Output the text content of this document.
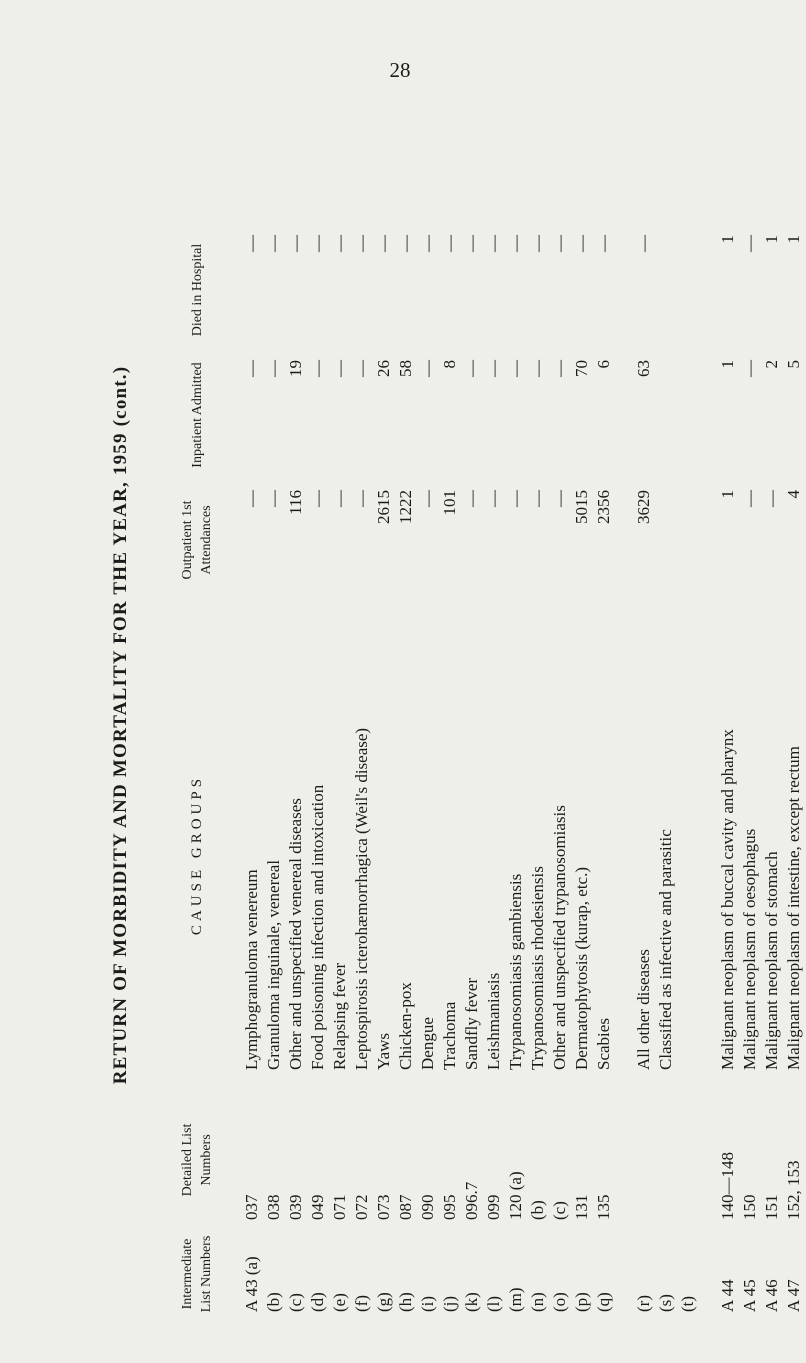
28
RETURN OF MORBIDITY AND MORTALITY FOR THE YEAR, 1959 (cont.)
Intermediate List Numbers
Detailed List Numbers
CAUSE GROUPS
Outpatient 1st Attendances
Inpatient Admitted
Died in Hospital
A 43 (a)
037
Lymphogranuloma venereum
—
—
—
(b)
038
Granuloma inguinale, venereal
—
—
—
(c)
039
Other and unspecified venereal diseases
116
19
—
(d)
049
Food poisoning infection and intoxication
—
—
—
(e)
071
Relapsing fever
—
—
—
(f)
072
Leptospirosis icterohæmorrhagica (Weil's disease)
—
—
—
(g)
073
Yaws
2615
26
—
(h)
087
Chicken-pox
1222
58
—
(i)
090
Dengue
—
—
—
(j)
095
Trachoma
101
8
—
(k)
096.7
Sandfly fever
—
—
—
(l)
099
Leishmaniasis
—
—
—
(m)
120 (a)
Trypanosomiasis gambiensis
—
—
—
(n)
(b)
Trypanosomiasis rhodesiensis
—
—
—
(o)
(c)
Other and unspecified trypanosomiasis
—
—
—
(p)
131
Dermatophytosis (kurap, etc.)
5015
70
—
(q)
135
Scabies
2356
6
—
(r)
All other diseases
3629
63
—
(s)
Classified as infective and parasitic
(t) A 44
140—148
Malignant neoplasm of buccal cavity and pharynx
1
1
1
A 45
150
Malignant neoplasm of oesophagus
—
—
—
A 46
151
Malignant neoplasm of stomach
—
2
1
A 47
152, 153
Malignant neoplasm of intestine, except rectum
4
5
1
